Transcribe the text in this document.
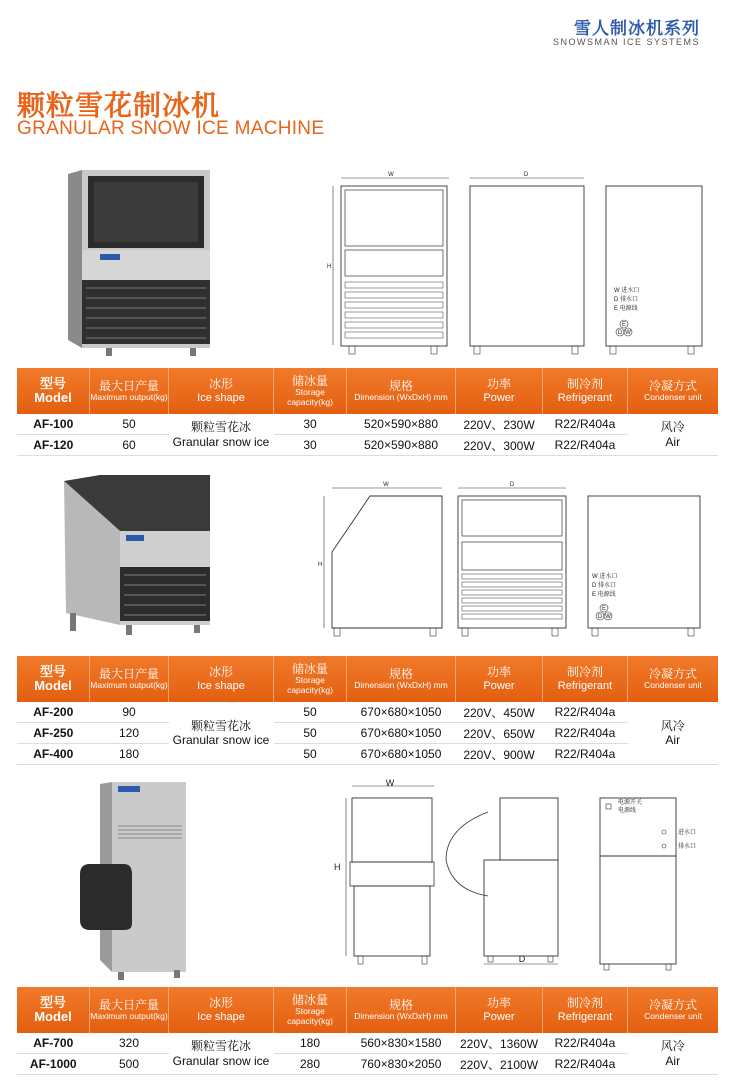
雪人制冰机系列
SNOWSMAN ICE SYSTEMS
颗粒雪花制冰机
GRANULAR SNOW ICE MACHINE
W
H
D
W 进水口
D 排水口
E 电源线
E
D W
型号
Model	最大日产量
Maximum output(kg)	冰形
Ice shape	储冰量
Storage capacity(kg)	规格
Dimension (WxDxH) mm	功率
Power	制冷剂
Refrigerant	冷凝方式
Condenser unit

AF-100	50	颗粒雪花冰
Granular snow ice	30	520×590×880	220V、230W	R22/R404a	风冷
Air

AF-120	60		30	520×590×880	220V、300W	R22/R404a	
W
H
D
W 进水口
D 排水口
E 电源线
E
D W
型号
Model	最大日产量
Maximum output(kg)	冰形
Ice shape	储冰量
Storage capacity(kg)	规格
Dimension (WxDxH) mm	功率
Power	制冷剂
Refrigerant	冷凝方式
Condenser unit

AF-200	90	颗粒雪花冰
Granular snow ice	50	670×680×1050	220V、450W	R22/R404a	风冷
Air

AF-250	120		50	670×680×1050	220V、650W	R22/R404a	
AF-400	180		50	670×680×1050	220V、900W	R22/R404a	
W
H
D
电源开关
电源线
进水口
排水口
型号
Model	最大日产量
Maximum output(kg)	冰形
Ice shape	储冰量
Storage capacity(kg)	规格
Dimension (WxDxH) mm	功率
Power	制冷剂
Refrigerant	冷凝方式
Condenser unit

AF-700	320	颗粒雪花冰
Granular snow ice	180	560×830×1580	220V、1360W	R22/R404a	风冷
Air

AF-1000	500		280	760×830×2050	220V、2100W	R22/R404a	
